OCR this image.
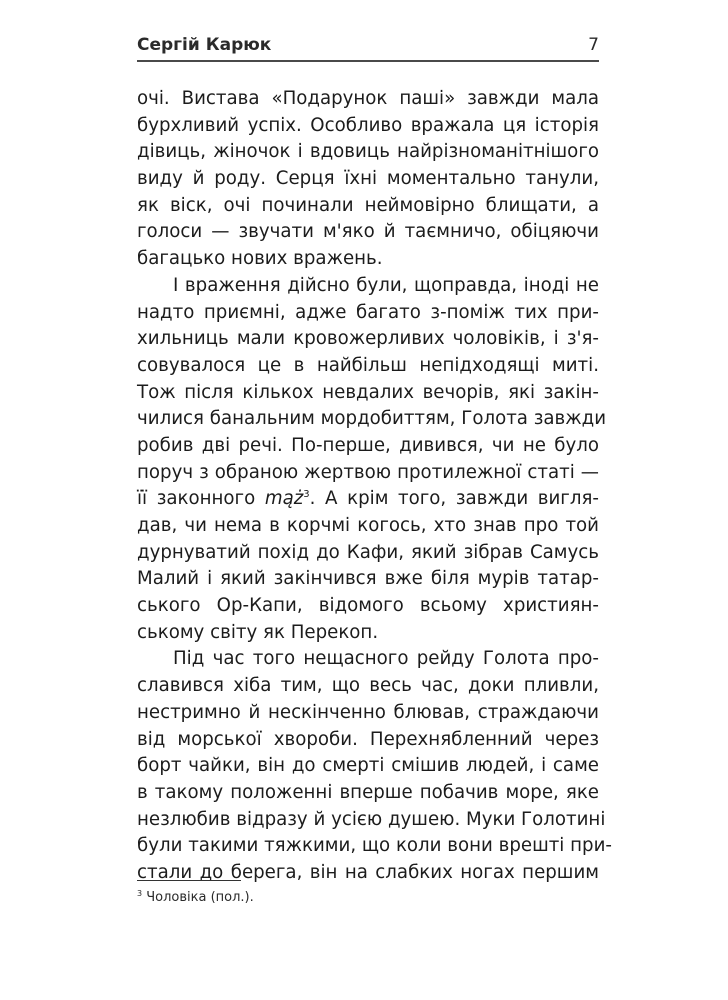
Сергій Карюк	7
очі. Вистава «Подарунок паші» завжди мала
бурхливий успіх. Особливо вражала ця історія
дівиць, жіночок і вдовиць найрізноманітнішого
виду й роду. Серця їхні моментально танули,
як віск, очі починали неймовірно блищати, а
голоси — звучати м'яко й таємничо, обіцяючи
багацько нових вражень.
І враження дійсно були, щоправда, іноді не
надто приємні, адже багато з-поміж тих при-
хильниць мали кровожерливих чоловіків, і з'я-
совувалося це в найбільш непідходящі миті.
Тож після кількох невдалих вечорів, які закін-
чилися банальним мордобиттям, Голота завжди
робив дві речі. По-перше, дивився, чи не було
поруч з обраною жертвою протилежної статі —
її законного mąż$^3$. А крім того, завжди вигля-
дав, чи нема в корчмі когось, хто знав про той
дурнуватий похід до Кафи, який зібрав Самусь
Малий і який закінчився вже біля мурів татар-
ського Ор-Капи, відомого всьому християн-
ському світу як Перекоп.
Під час того нещасного рейду Голота про-
славився хіба тим, що весь час, доки пливли,
нестримно й нескінченно блював, страждаючи
від морської хвороби. Перехнябленний через
борт чайки, він до смерті смішив людей, і саме
в такому положенні вперше побачив море, яке
незлюбив відразу й усією душею. Муки Голотині
були такими тяжкими, що коли вони врешті при-
стали до берега, він на слабких ногах першим
$^3$ Чоловіка (пол.).
